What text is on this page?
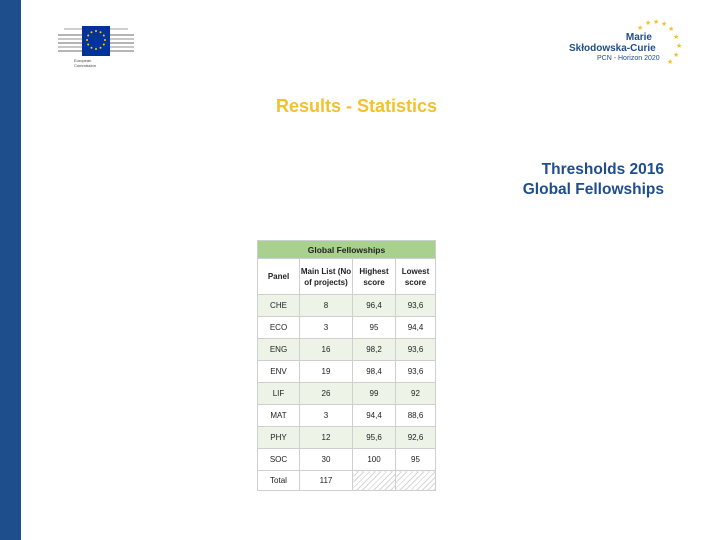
European
Commission
★ ★ ★
★
★
★
★
★
★
Marie
Skłodowska-Curie
PCN - Horizon 2020
Results - Statistics
Thresholds 2016
Global Fellowships
Global Fellowships			
Panel	Main List (No of projects)	Highest score	Lowest score
CHE	8	96,4	93,6
ECO	3	95	94,4
ENG	16	98,2	93,6
ENV	19	98,4	93,6
LIF	26	99	92
MAT	3	94,4	88,6
PHY	12	95,6	92,6
SOC	30	100	95
Total	117		
